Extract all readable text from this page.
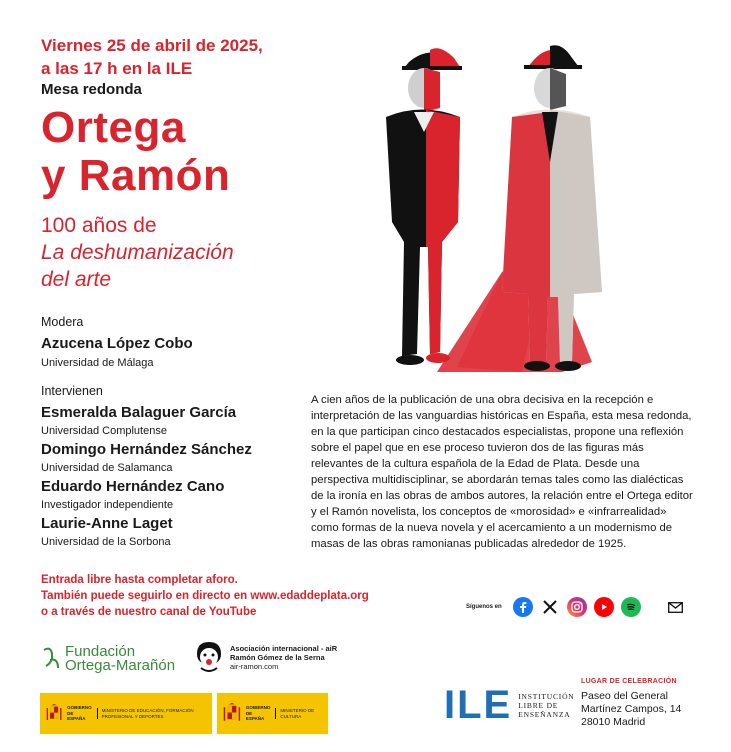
Viernes 25 de abril de 2025,
a las 17 h en la ILE
Mesa redonda
Ortega
y Ramón
100 años de
La deshumanización
del arte
Modera
Azucena López Cobo
Universidad de Málaga
Intervienen
Esmeralda Balaguer García
Universidad Complutense
Domingo Hernández Sánchez
Universidad de Salamanca
Eduardo Hernández Cano
Investigador independiente
Laurie-Anne Laget
Universidad de la Sorbona
A cien años de la publicación de una obra decisiva en la recepción e interpretación de las vanguardias históricas en España, esta mesa redonda, en la que participan cinco destacados especialistas, propone una reflexión sobre el papel que en ese proceso tuvieron dos de las figuras más relevantes de la cultura española de la Edad de Plata. Desde una perspectiva multidisciplinar, se abordarán temas tales como las dialécticas de la ironía en las obras de ambos autores, la relación entre el Ortega editor y el Ramón novelista, los conceptos de «morosidad» e «infrarrealidad» como formas de la nueva novela y el acercamiento a un modernismo de masas de las obras ramonianas publicadas alrededor de 1925.
Entrada libre hasta completar aforo.
También puede seguirlo en directo en www.edaddeplata.org
o a través de nuestro canal de YouTube	Síguenos en
Fundación
Ortega-Marañón
Asociación internacional - aiR
Ramón Gómez de la Serna
air-ramon.com
GOBIERNO DE ESPAÑA
MINISTERIO DE EDUCACIÓN, FORMACIÓN PROFESIONAL Y DEPORTES
GOBIERNO DE ESPAÑA
MINISTERIO DE CULTURA	ILE INSTITUCIÓN
LIBRE DE
ENSEÑANZA
LUGAR DE CELEBRACIÓN
Paseo del General
Martínez Campos, 14
28010 Madrid
